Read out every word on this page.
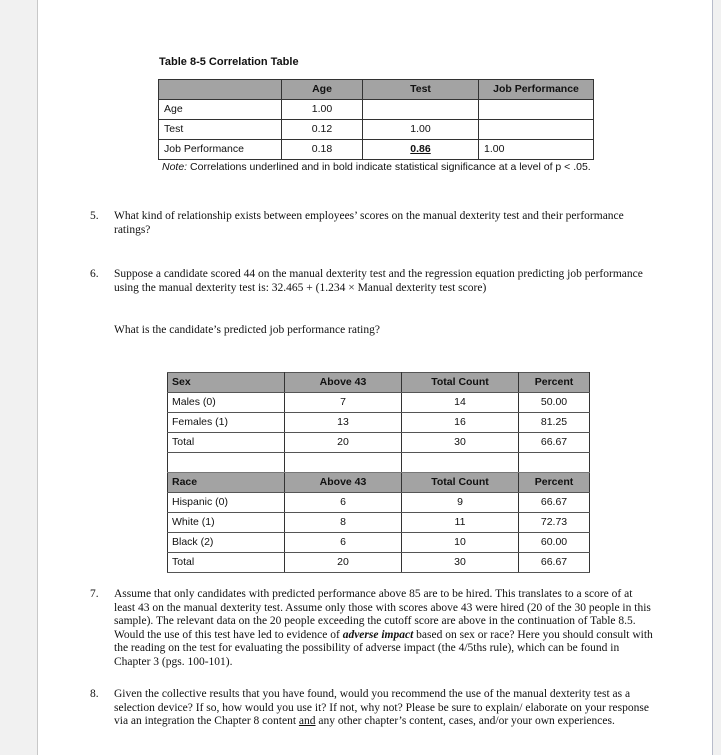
Table 8-5 Correlation Table
	Age	Test	Job Performance
Age	1.00		
Test	0.12	1.00	
Job Performance	0.18	0.86	1.00
Note: Correlations underlined and in bold indicate statistical significance at a level of p < .05.
5. What kind of relationship exists between employees’ scores on the manual dexterity test and their performance ratings?
6. Suppose a candidate scored 44 on the manual dexterity test and the regression equation predicting job performance using the manual dexterity test is: 32.465 + (1.234 × Manual dexterity test score)
What is the candidate’s predicted job performance rating?
Sex	Above 43	Total Count	Percent
Males (0)	7	14	50.00
Females (1)	13	16	81.25
Total	20	30	66.67

Race	Above 43	Total Count	Percent
Hispanic (0)	6	9	66.67
White (1)	8	11	72.73
Black (2)	6	10	60.00
Total	20	30	66.67
7. Assume that only candidates with predicted performance above 85 are to be hired. This translates to a score of at least 43 on the manual dexterity test. Assume only those with scores above 43 were hired (20 of the 30 people in this sample). The relevant data on the 20 people exceeding the cutoff score are above in the continuation of Table 8.5. Would the use of this test have led to evidence of adverse impact based on sex or race? Here you should consult with the reading on the test for evaluating the possibility of adverse impact (the 4/5ths rule), which can be found in Chapter 3 (pgs. 100-101).
8. Given the collective results that you have found, would you recommend the use of the manual dexterity test as a selection device? If so, how would you use it? If not, why not? Please be sure to explain/ elaborate on your response via an integration the Chapter 8 content and any other chapter’s content, cases, and/or your own experiences.
